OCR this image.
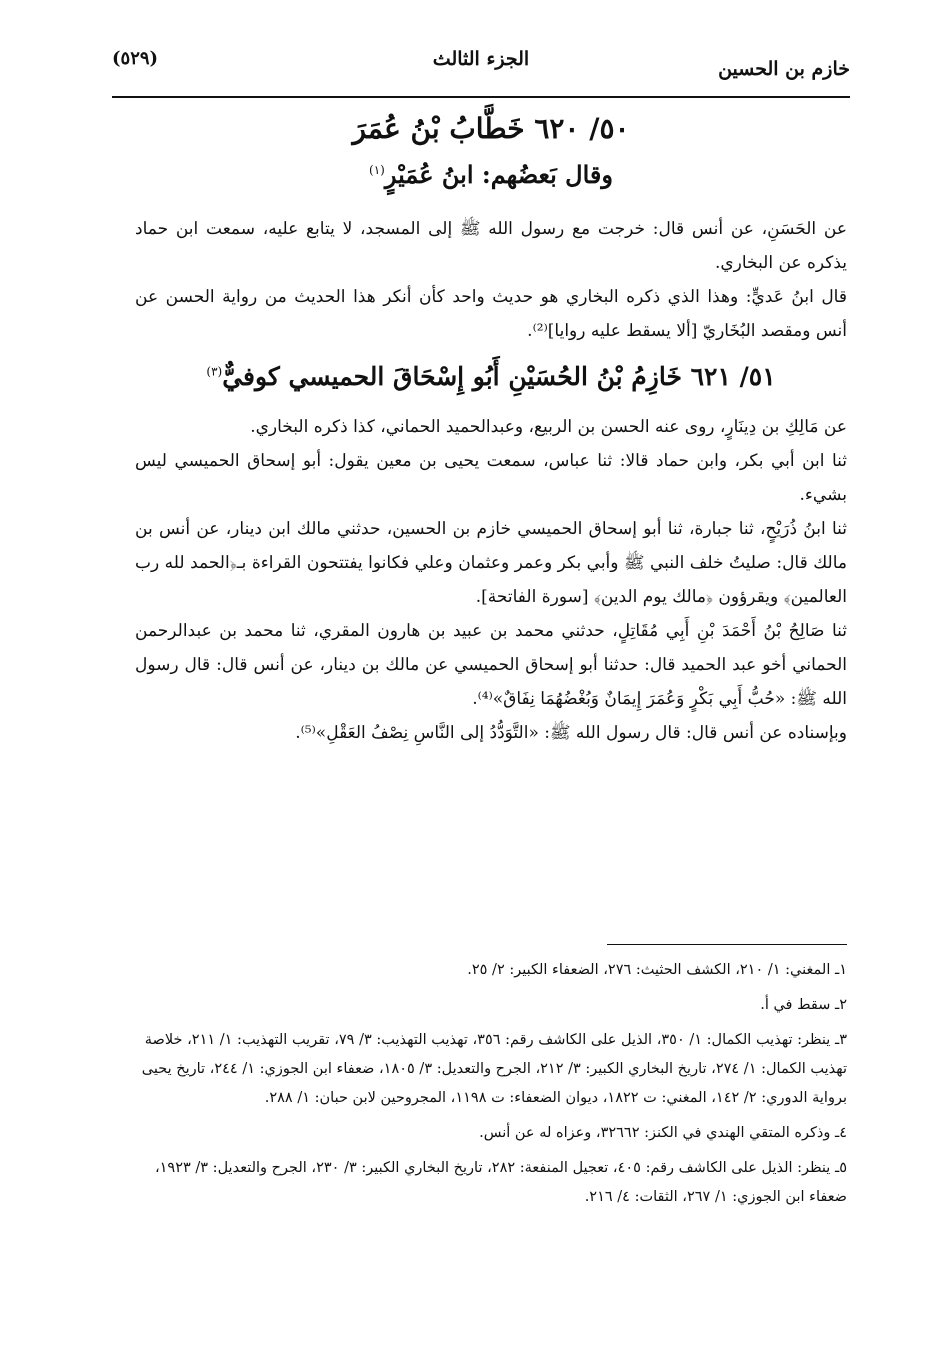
خازم بن الحسين
الجزء الثالث
(٥٢٩)
٥٠/ ٦٢٠ خَطَّابُ بْنُ عُمَرَ
وقال بَعضُهم: ابنُ عُمَيْرٍ$^{(١)}$

عن الحَسَنِ، عن أنس قال: خرجت مع رسول الله ﷺ إلى المسجد، لا يتابع عليه، سمعت ابن حماد يذكره عن البخاري.

قال ابنُ عَديٍّ: وهذا الذي ذكره البخاري هو حديث واحد كأن أنكر هذا الحديث من رواية الحسن عن أنس ومقصد البُخَاريّ [ألا يسقط عليه روايا]⁽²⁾.

٥١/ ٦٢١ خَازِمُ بْنُ الحُسَيْنِ أَبُو إِسْحَاقَ الحميسي كوفيٌّ$^{(٣)}$

عن مَالِكِ بن دِينَارٍ، روى عنه الحسن بن الربيع، وعبدالحميد الحماني، كذا ذكره البخاري.

ثنا ابن أبي بكر، وابن حماد قالا: ثنا عباس، سمعت يحيى بن معين يقول: أبو إسحاق الحميسي ليس بشيء.

ثنا ابنُ ذُرَيْحٍ، ثنا جبارة، ثنا أبو إسحاق الحميسي خازم بن الحسين، حدثني مالك ابن دينار، عن أنس بن مالك قال: صليتُ خلف النبي ﷺ وأبي بكر وعمر وعثمان وعلي فكانوا يفتتحون القراءة بـ﴿الحمد لله رب العالمين﴾ ويقرؤون ﴿مالك يوم الدين﴾ [سورة الفاتحة].

ثنا صَالِحُ بْنُ أَحْمَدَ بْنِ أَبِي مُقَاتِلٍ، حدثني محمد بن عبيد بن هارون المقري، ثنا محمد بن عبدالرحمن الحماني أخو عبد الحميد قال: حدثنا أبو إسحاق الحميسي عن مالك بن دينار، عن أنس قال: قال رسول الله ﷺ: «حُبُّ أَبِي بَكْرٍ وَعُمَرَ إِيمَانٌ وَبُغْضُهُمَا نِفَاقٌ»⁽⁴⁾.

وبإسناده عن أنس قال: قال رسول الله ﷺ: «التَّوَدُّدُ إلى النَّاسِ نِصْفُ العَقْلِ»⁽⁵⁾.

١ـ المغني: ١/ ٢١٠، الكشف الحثيث: ٢٧٦، الضعفاء الكبير: ٢/ ٢٥.

٢ـ سقط في أ.

٣ـ ينظر: تهذيب الكمال: ١/ ٣٥٠، الذيل على الكاشف رقم: ٣٥٦، تهذيب التهذيب: ٣/ ٧٩، تقريب التهذيب: ١/ ٢١١، خلاصة تهذيب الكمال: ١/ ٢٧٤، تاريخ البخاري الكبير: ٣/ ٢١٢، الجرح والتعديل: ٣/ ١٨٠٥، ضعفاء ابن الجوزي: ١/ ٢٤٤، تاريخ يحيى برواية الدوري: ٢/ ١٤٢، المغني: ت ١٨٢٢، ديوان الضعفاء: ت ١١٩٨، المجروحين لابن حبان: ١/ ٢٨٨.

٤ـ وذكره المتقي الهندي في الكنز: ٣٢٦٦٢، وعزاه له عن أنس.

٥ـ ينظر: الذيل على الكاشف رقم: ٤٠٥، تعجيل المنفعة: ٢٨٢، تاريخ البخاري الكبير: ٣/ ٢٣٠، الجرح والتعديل: ٣/ ١٩٢٣، ضعفاء ابن الجوزي: ١/ ٢٦٧، الثقات: ٤/ ٢١٦.
